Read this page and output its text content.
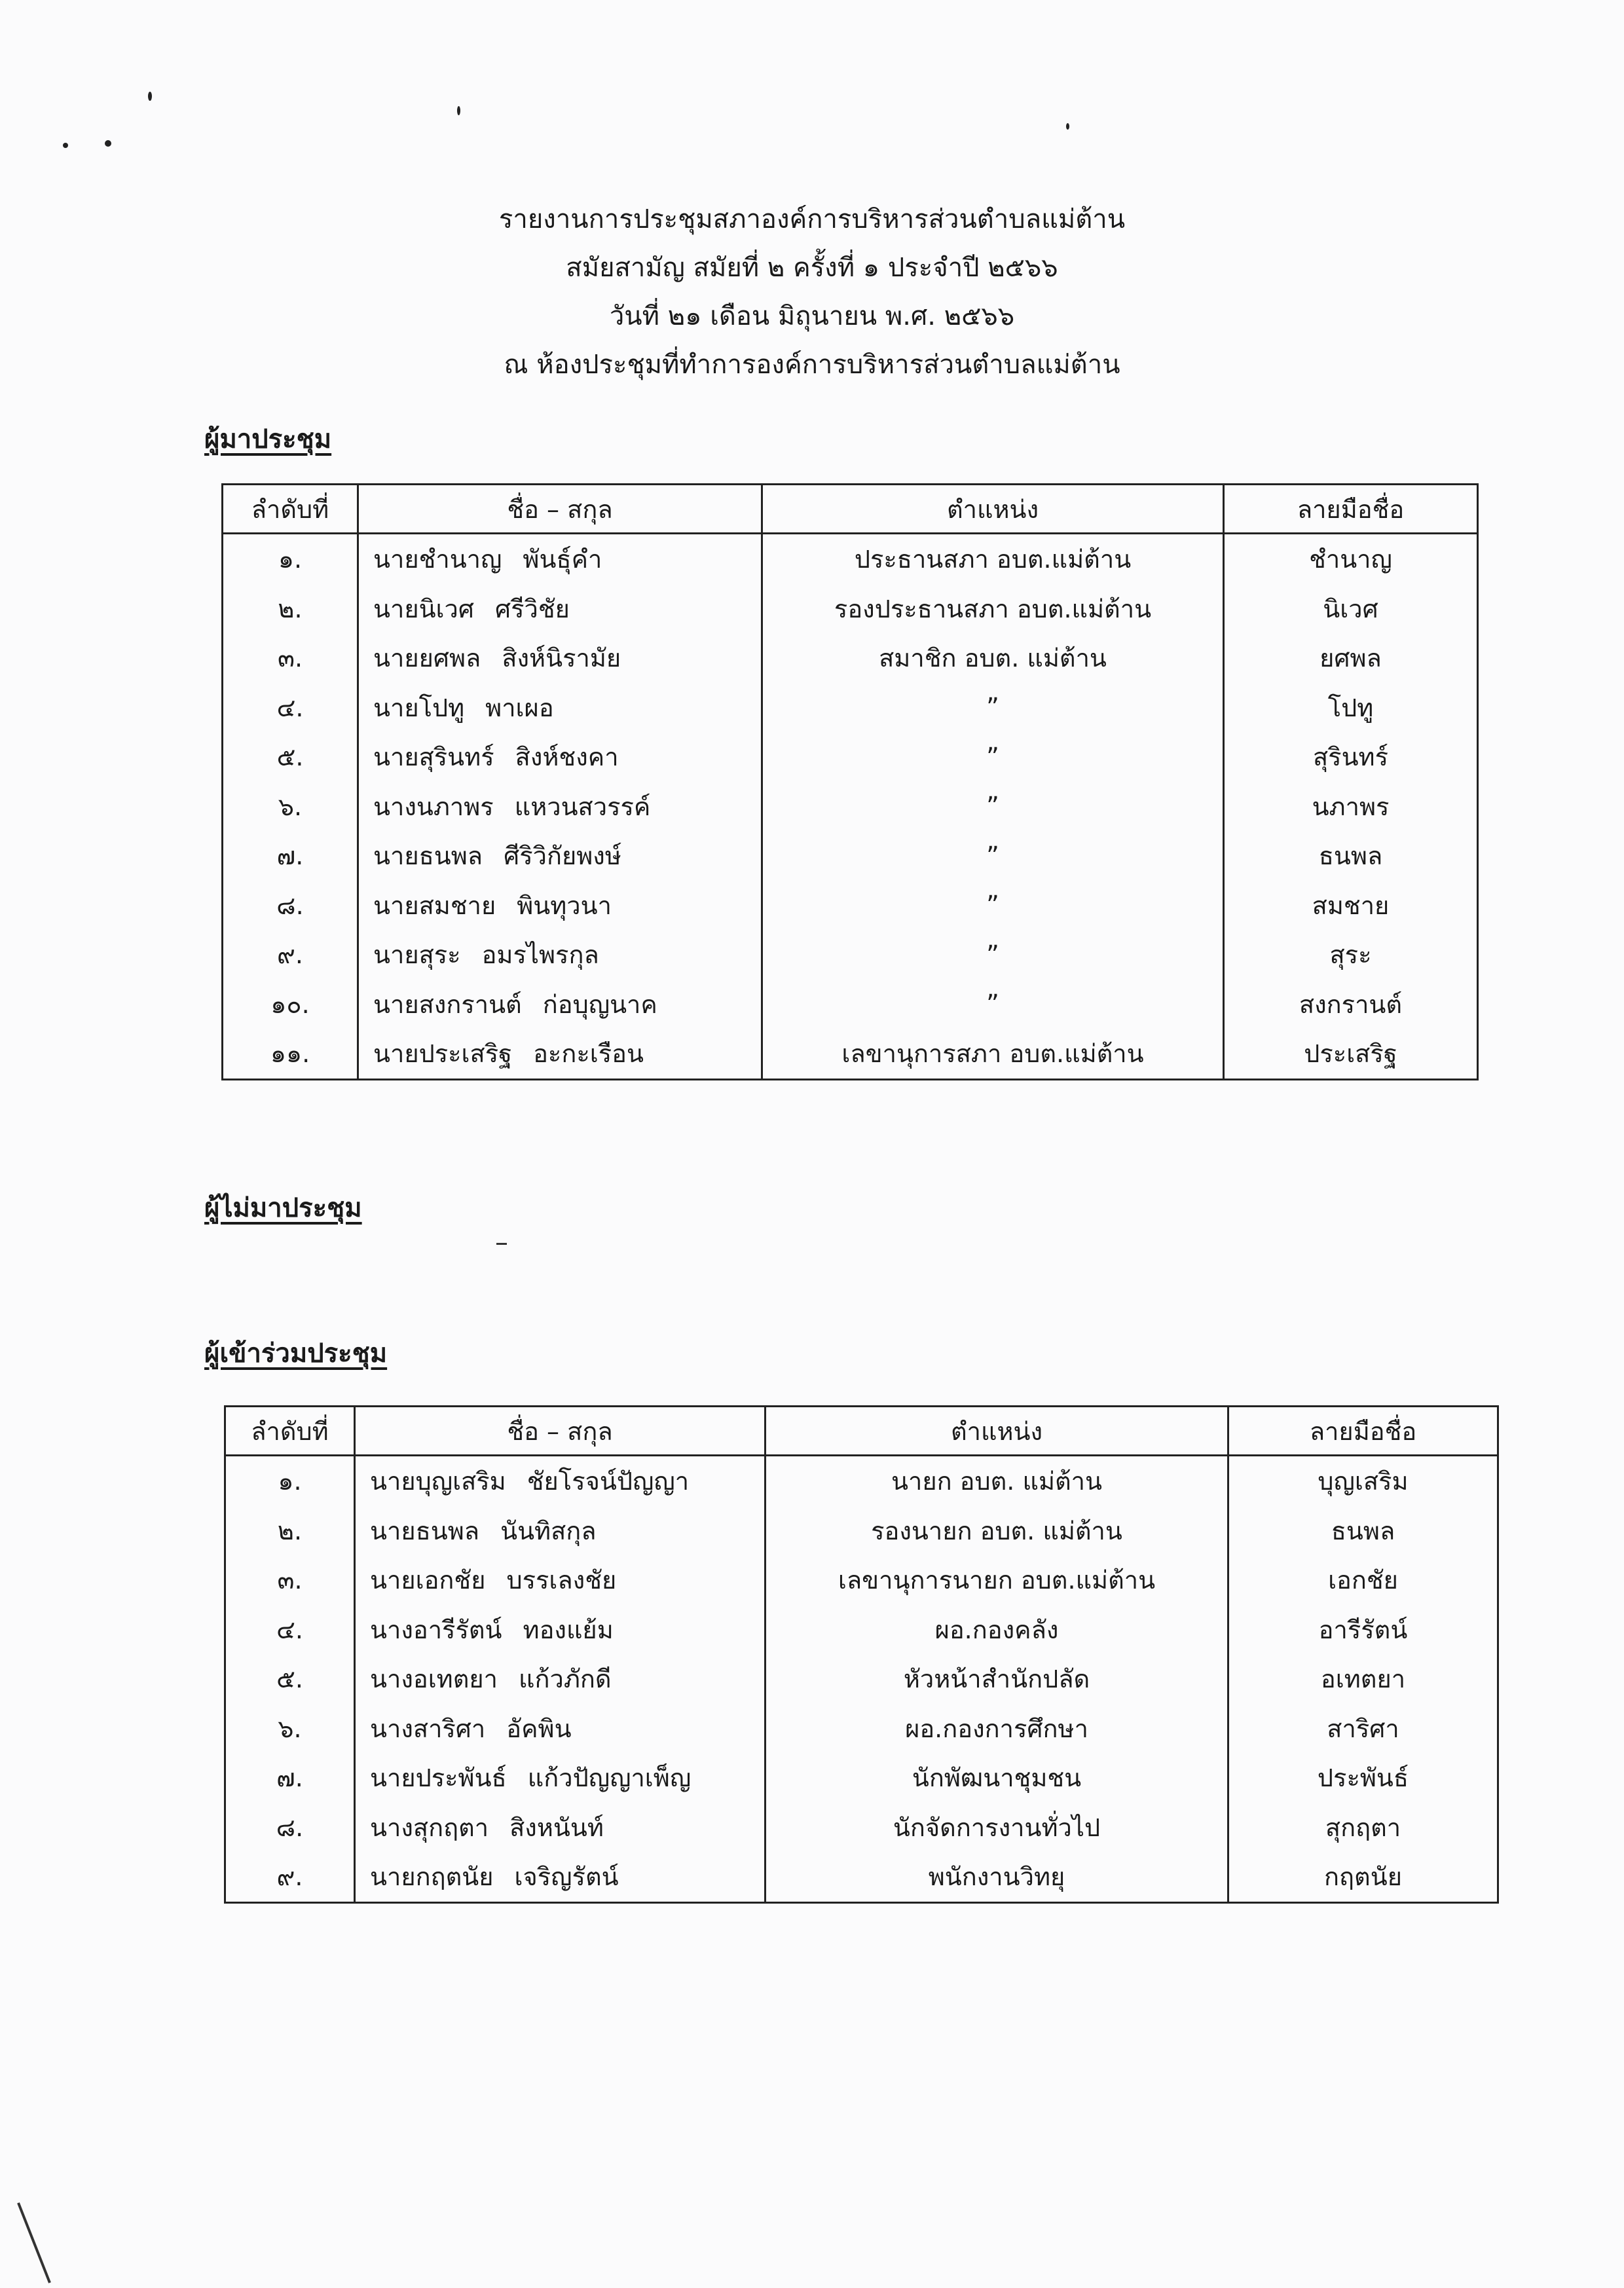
รายงานการประชุมสภาองค์การบริหารส่วนตำบลแม่ต้าน
สมัยสามัญ สมัยที่ ๒ ครั้งที่ ๑ ประจำปี ๒๕๖๖
วันที่ ๒๑ เดือน มิถุนายน พ.ศ. ๒๕๖๖
ณ ห้องประชุมที่ทำการองค์การบริหารส่วนตำบลแม่ต้าน
ผู้มาประชุม
ลำดับที่	ชื่อ – สกุล	ตำแหน่ง	ลายมือชื่อ
๑.	นายชำนาญ พันธุ์คำ	ประธานสภา อบต.แม่ต้าน	ชำนาญ
๒.	นายนิเวศ ศรีวิชัย	รองประธานสภา อบต.แม่ต้าน	นิเวศ
๓.	นายยศพล สิงห์นิรามัย	สมาชิก อบต. แม่ต้าน	ยศพล
๔.	นายโปทู พาเผอ	”	โปทู
๕.	นายสุรินทร์ สิงห์ชงคา	”	สุรินทร์
๖.	นางนภาพร แหวนสวรรค์	”	นภาพร
๗.	นายธนพล ศีริวิกัยพงษ์	”	ธนพล
๘.	นายสมชาย พินทุวนา	”	สมชาย
๙.	นายสุระ อมรไพรกุล	”	สุระ
๑๐.	นายสงกรานต์ ก่อบุญนาค	”	สงกรานต์
๑๑.	นายประเสริฐ อะกะเรือน	เลขานุการสภา อบต.แม่ต้าน	ประเสริฐ

ผู้ไม่มาประชุม
ผู้เข้าร่วมประชุม
ลำดับที่	ชื่อ – สกุล	ตำแหน่ง	ลายมือชื่อ
๑.	นายบุญเสริม ชัยโรจน์ปัญญา	นายก อบต. แม่ต้าน	บุญเสริม
๒.	นายธนพล นันทิสกุล	รองนายก อบต. แม่ต้าน	ธนพล
๓.	นายเอกชัย บรรเลงชัย	เลขานุการนายก อบต.แม่ต้าน	เอกชัย
๔.	นางอารีรัตน์ ทองแย้ม	ผอ.กองคลัง	อารีรัตน์
๕.	นางอเทตยา แก้วภักดี	หัวหน้าสำนักปลัด	อเทตยา
๖.	นางสาริศา อัคพิน	ผอ.กองการศึกษา	สาริศา
๗.	นายประพันธ์ แก้วปัญญาเพ็ญ	นักพัฒนาชุมชน	ประพันธ์
๘.	นางสุกฤตา สิงหนันท์	นักจัดการงานทั่วไป	สุกฤตา
๙.	นายกฤตนัย เจริญรัตน์	พนักงานวิทยุ	กฤตนัย
